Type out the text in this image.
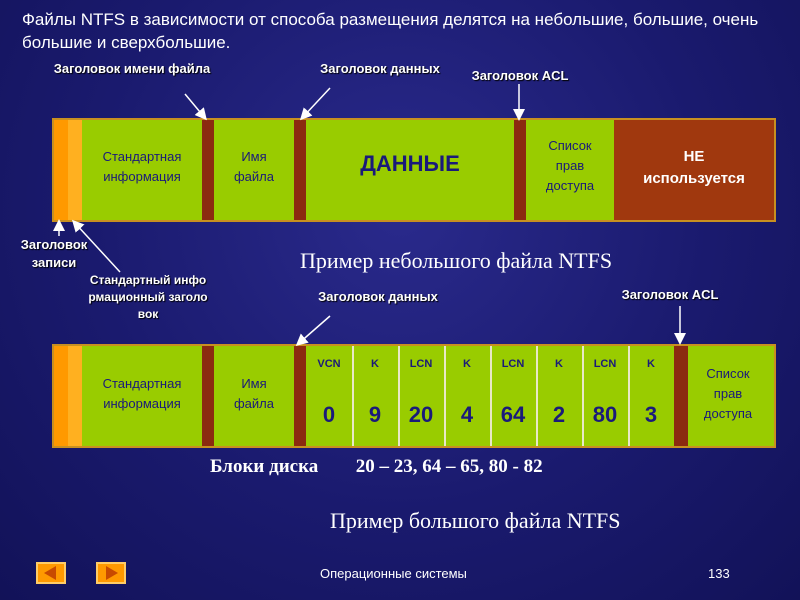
Файлы NTFS в зависимости от способа размещения делятся на небольшие, большие, очень большие и сверхбольшие.
Заголовок имени файла	Заголовок данных	Заголовок ACL
Стандартная информация
Имя файла
ДАННЫЕ
Список прав доступа
НЕ используется
Заголовок записи
Стандартный информационный заголовок
Пример небольшого файла NTFS
Заголовок данных	Заголовок ACL
Стандартная информация
Имя файла
VCN
0
K
9
LCN
20
K
4
LCN
64
K
2
LCN
80
K
3
Список прав доступа
Блоки диска 20 – 23, 64 – 65, 80 - 82
Пример большого файла NTFS
Операционные системы	133
